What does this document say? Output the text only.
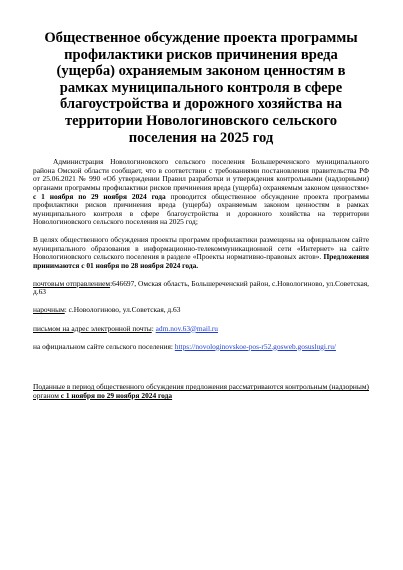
Общественное обсуждение проекта программы
профилактики рисков причинения вреда
(ущерба) охраняемым законом ценностям в
рамках муниципального контроля в сфере
благоустройства и дорожного хозяйства на
территории Новологиновского сельского
поселения на 2025 год

Администрация Новологиновского сельского поселения Большереченского муниципального района Омской области сообщает, что в соответствии с требованиями постановления правительства РФ от 25.06.2021 № 990 «Об утверждении Правил разработки и утверждения контрольными (надзорными) органами программы профилактики рисков причинения вреда (ущерба) охраняемым законом ценностям» с 1 ноября по 29 ноября 2024 года проводится общественное обсуждение проекта программы профилактики рисков причинения вреда (ущерба) охраняемым законом ценностям в рамках муниципального контроля в сфере благоустройства и дорожного хозяйства на территории Новологиновского сельского поселения на 2025 год;

В целях общественного обсуждения проекты программ профилактики размещены на официальном сайте муниципального образования в информационно-телекоммуникационной сети «Интернет» на сайте Новологиновского сельского поселения в разделе «Проекты нормативно-правовых актов». Предложения принимаются с 01 ноября по 28 ноября 2024 года.

почтовым отправлением:646697, Омская область, Большереченский район, с.Новологиново, ул.Советская, д.63

нарочным: с.Новологиново, ул.Советская, д.63

письмом на адрес электронной почты: adm.nov.63@mail.ru

на официальном сайте сельского поселения: https://novologinovskoe-pos-r52.gosweb.gosuslugi.ru/

Поданные в период общественного обсуждения предложения рассматриваются контрольным (надзорным) органом с 1 ноября по 29 ноября 2024 года
